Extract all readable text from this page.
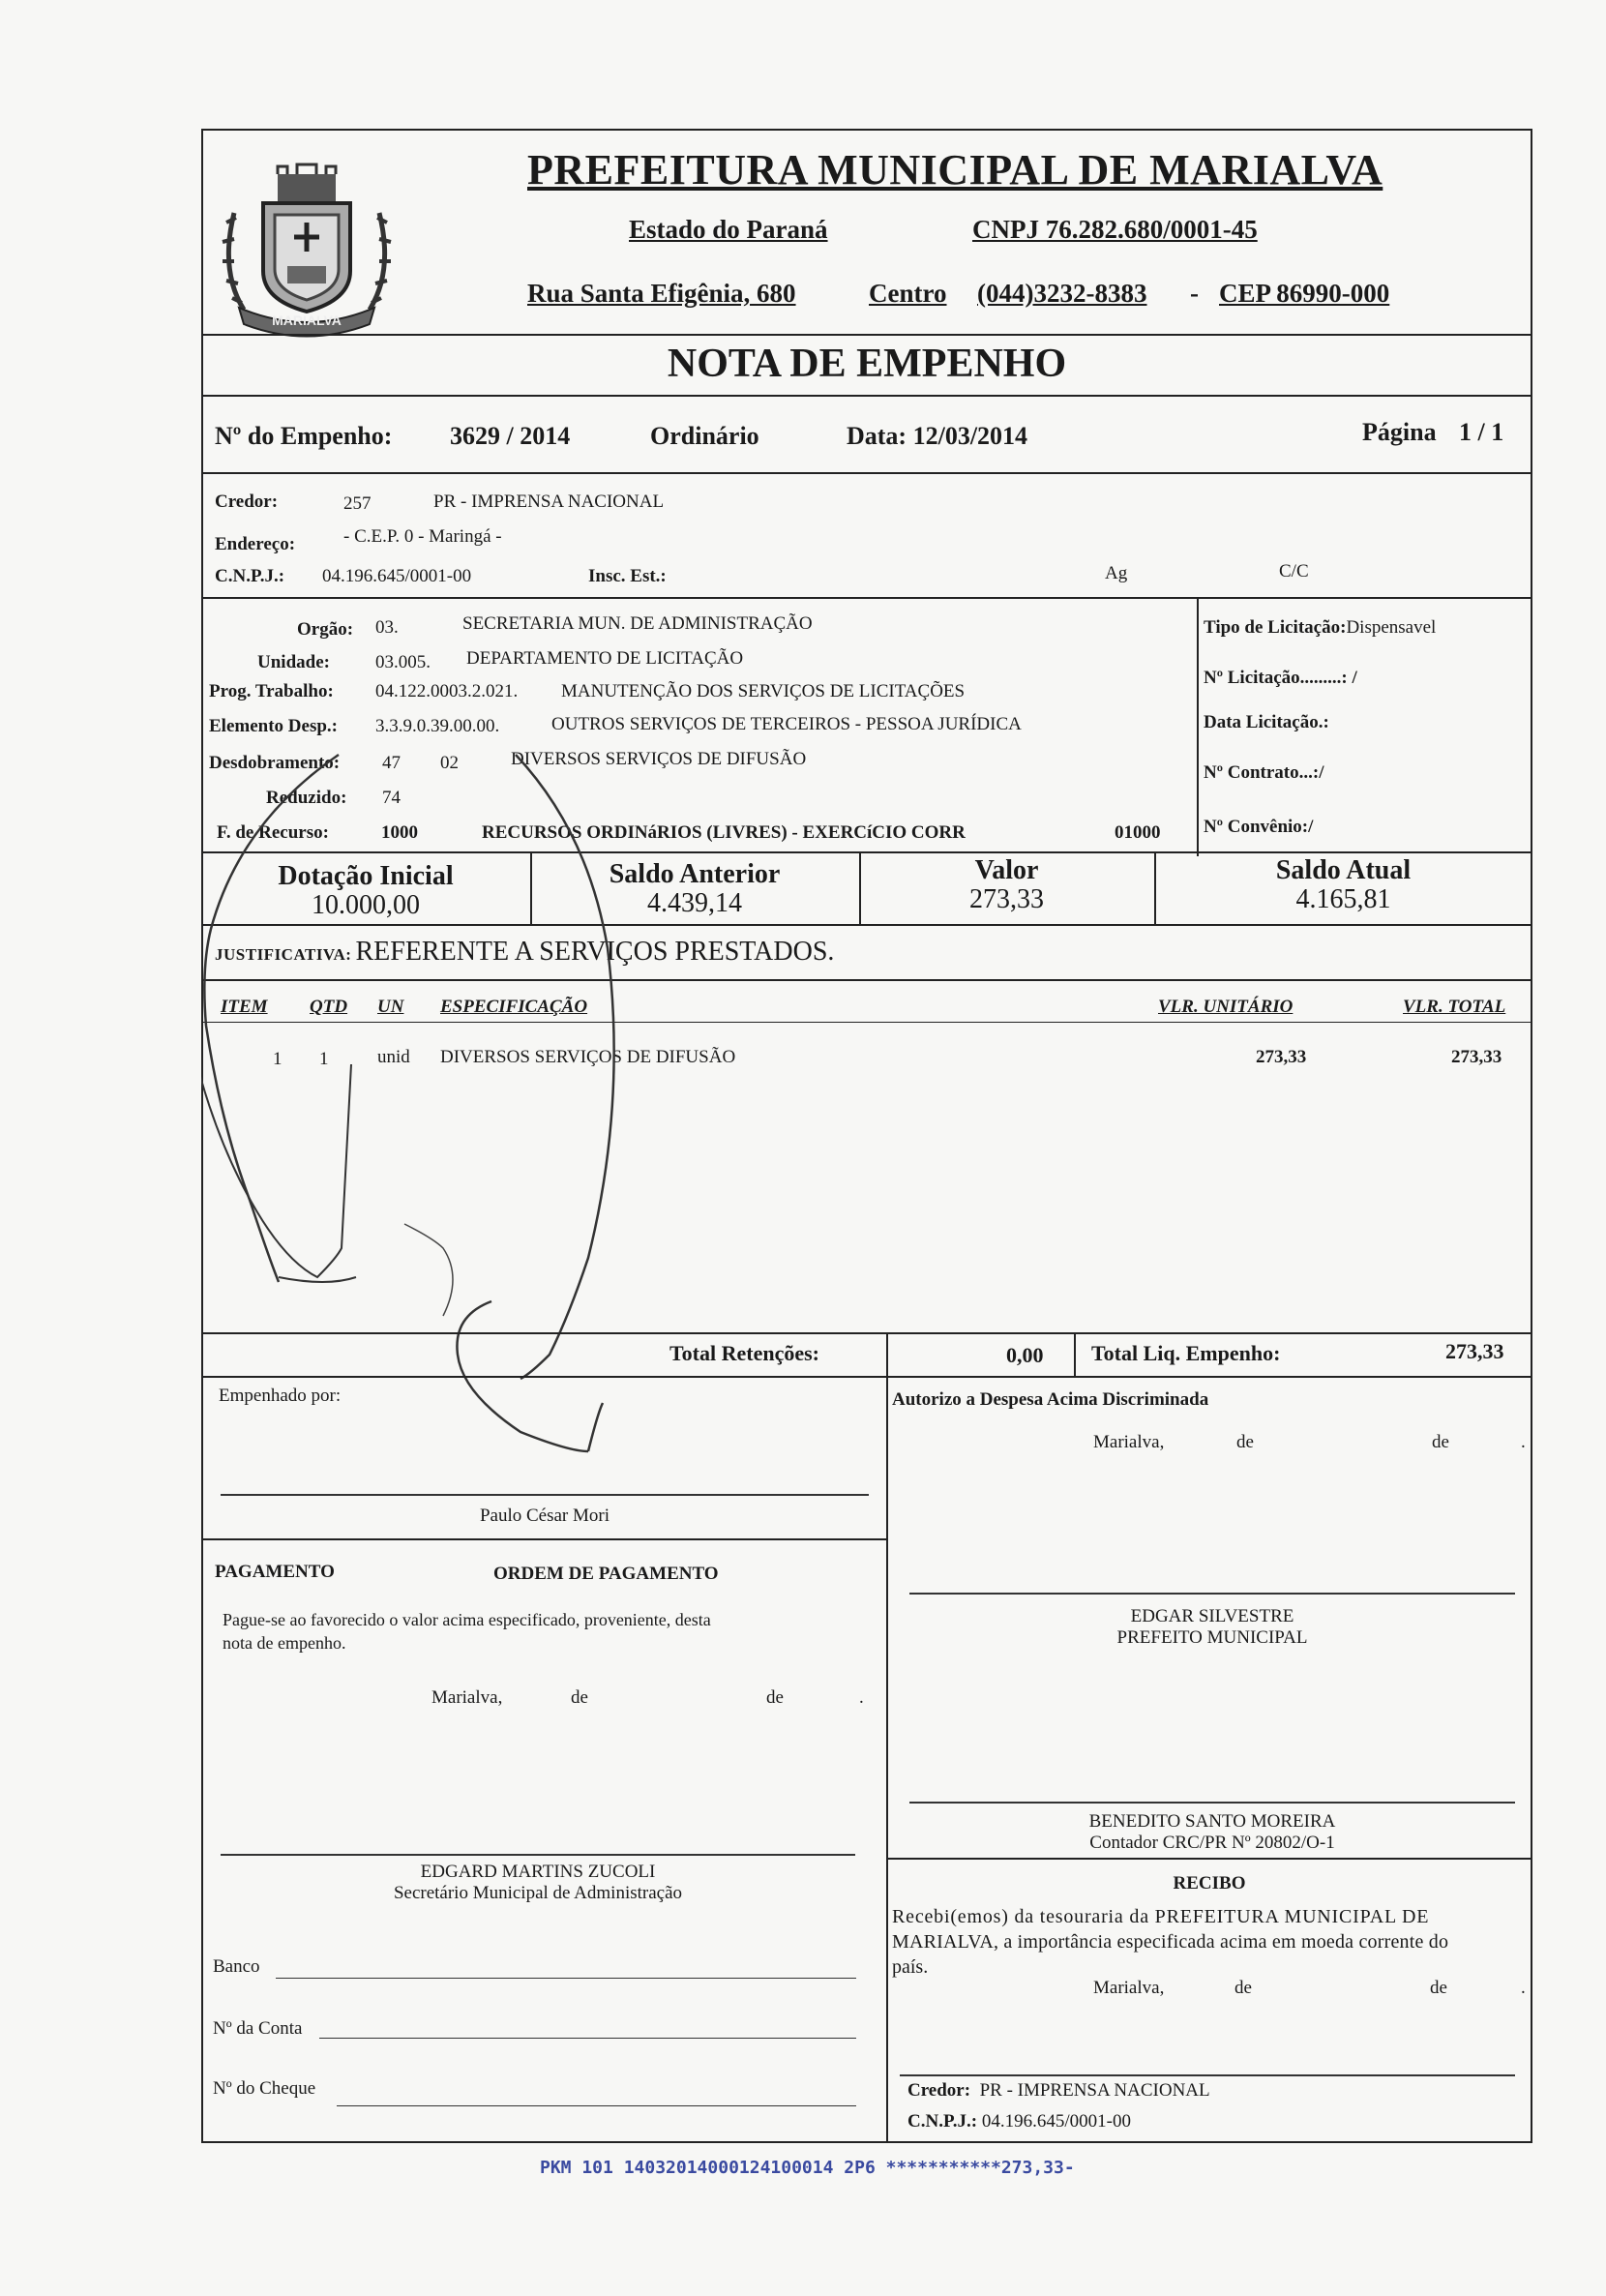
MARIALVA
PREFEITURA MUNICIPAL DE MARIALVA
Estado do Paraná	CNPJ 76.282.680/0001-45
Rua Santa Efigênia, 680	Centro (044)3232-8383 - CEP 86990-000
NOTA DE EMPENHO
Nº do Empenho: 3629 / 2014	Ordinário	Data: 12/03/2014	Página 1 / 1
Credor:	257	PR - IMPRENSA NACIONAL
Endereço:	- C.E.P. 0 - Maringá -
C.N.P.J.: 04.196.645/0001-00	Insc. Est.:	Ag	C/C
Orgão: 03.	SECRETARIA MUN. DE ADMINISTRAÇÃO
Unidade: 03.005. DEPARTAMENTO DE LICITAÇÃO
Prog. Trabalho: 04.122.0003.2.021. MANUTENÇÃO DOS SERVIÇOS DE LICITAÇÕES
Elemento Desp.: 3.3.9.0.39.00.00.	OUTROS SERVIÇOS DE TERCEIROS - PESSOA JURÍDICA
Desdobramento: 47 02	DIVERSOS SERVIÇOS DE DIFUSÃO
Reduzido: 74
F. de Recurso:	1000	RECURSOS ORDINáRIOS (LIVRES) - EXERCíCIO CORR	01000
Tipo de Licitação:Dispensavel
Nº Licitação.........: /
Data Licitação.:
Nº Contrato...:/
Nº Convênio:/
Dotação Inicial
10.000,00
Saldo Anterior
4.439,14
Valor
273,33
Saldo Atual
4.165,81
JUSTIFICATIVA: REFERENTE A SERVIÇOS PRESTADOS.
ITEM QTD UN ESPECIFICAÇÃO	VLR. UNITÁRIO	VLR. TOTAL
1 1	unid DIVERSOS SERVIÇOS DE DIFUSÃO	273,33	273,33
Total Retenções:	0,00 Total Liq. Empenho:	273,33
Empenhado por:
Paulo César Mori
Autorizo a Despesa Acima Discriminada
Marialva,	de	de	.
EDGAR SILVESTRE
PREFEITO MUNICIPAL
PAGAMENTO	ORDEM DE PAGAMENTO
Pague-se ao favorecido o valor acima especificado, proveniente, desta
nota de empenho.
Marialva,	de	de	.
EDGARD MARTINS ZUCOLI
Secretário Municipal de Administração
Banco
Nº da Conta
Nº do Cheque
BENEDITO SANTO MOREIRA
Contador CRC/PR Nº 20802/O-1
RECIBO
Recebi(emos) da tesouraria da PREFEITURA MUNICIPAL DE
MARIALVA, a importância especificada acima em moeda corrente do
país.
Marialva,	de	de	.
Credor: PR - IMPRENSA NACIONAL
C.N.P.J.: 04.196.645/0001-00
PKM 101 14032014000124100014 2P6 ***********273,33-
